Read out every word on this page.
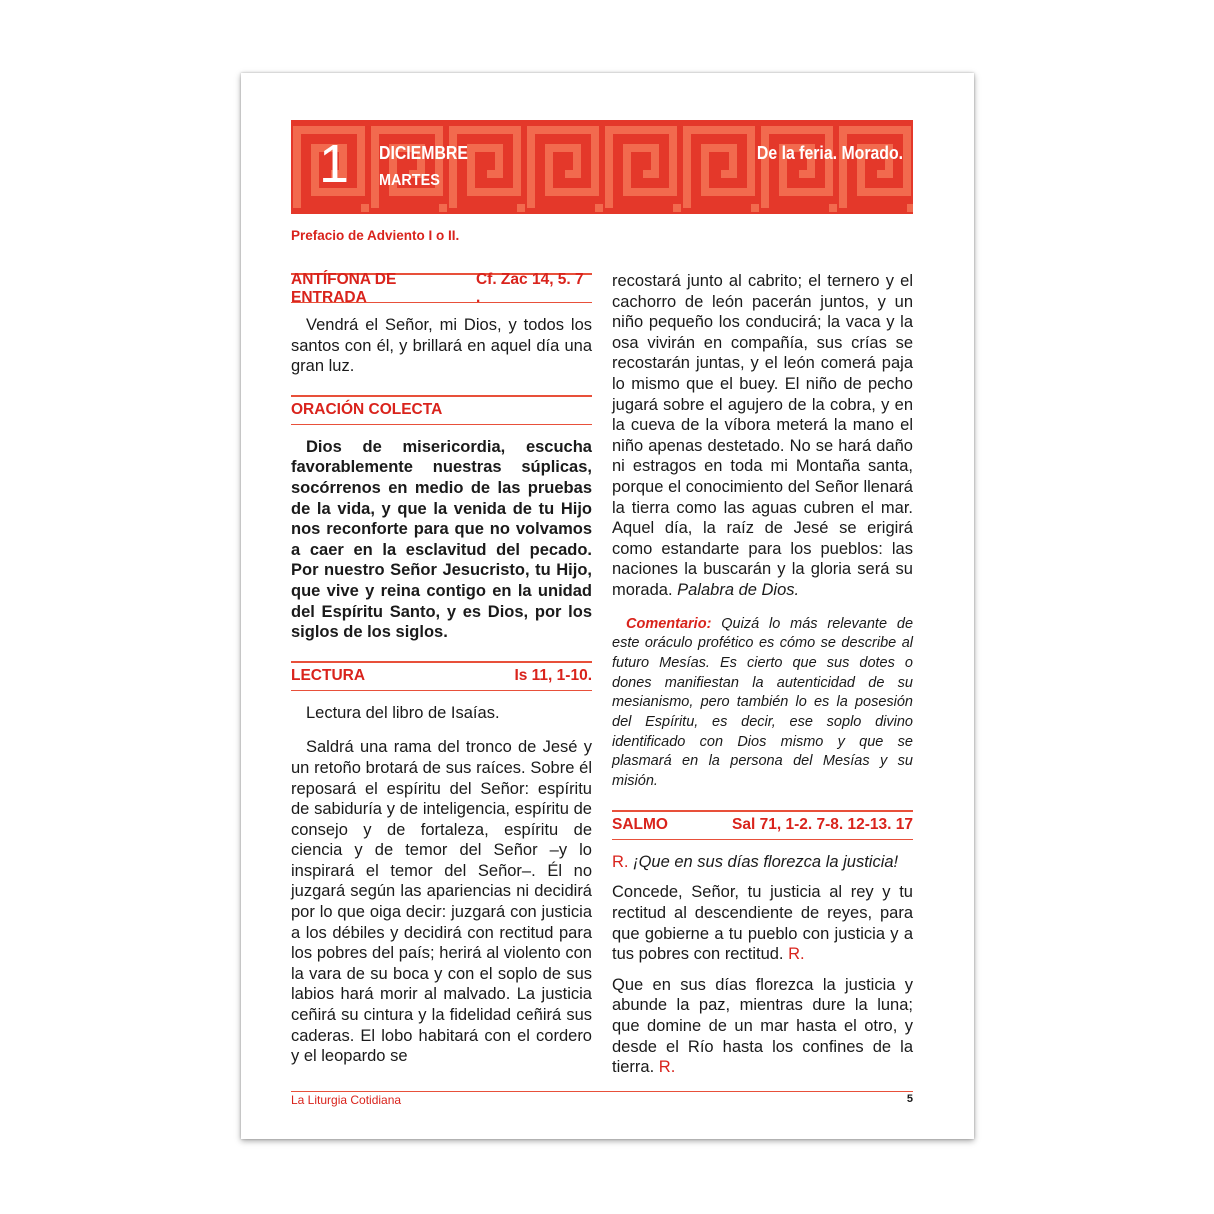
1 DICIEMBRE
MARTES
De la feria. Morado.
Prefacio de Adviento I o II.
ANTÍFONA DE ENTRADA
Cf. Zac 14, 5. 7 .

Vendrá el Señor, mi Dios, y todos los santos con él, y brillará en aquel día una gran luz.

ORACIÓN COLECTA

Dios de misericordia, escucha favorablemente nuestras súplicas, socórrenos en medio de las pruebas de la vida, y que la venida de tu Hijo nos reconforte para que no volvamos a caer en la esclavitud del pecado. Por nuestro Señor Jesucristo, tu Hijo, que vive y reina contigo en la unidad del Espíritu Santo, y es Dios, por los siglos de los siglos.

LECTURA	Is 11, 1-10.

Lectura del libro de Isaías.

Saldrá una rama del tronco de Jesé y un retoño brotará de sus raíces. Sobre él reposará el espíritu del Señor: espíritu de sabiduría y de inteligencia, espíritu de consejo y de fortaleza, espíritu de ciencia y de temor del Señor –y lo inspirará el temor del Señor–. Él no juzgará según las apariencias ni decidirá por lo que oiga decir: juzgará con justicia a los débiles y decidirá con rectitud para los pobres del país; herirá al violento con la vara de su boca y con el soplo de sus labios hará morir al malvado. La justicia ceñirá su cintura y la fidelidad ceñirá sus caderas. El lobo habitará con el cordero y el leopardo se

recostará junto al cabrito; el ternero y el cachorro de león pacerán juntos, y un niño pequeño los conducirá; la vaca y la osa vivirán en compañía, sus crías se recostarán juntas, y el león comerá paja lo mismo que el buey. El niño de pecho jugará sobre el agujero de la cobra, y en la cueva de la víbora meterá la mano el niño apenas destetado. No se hará daño ni estragos en toda mi Montaña santa, porque el conocimiento del Señor llenará la tierra como las aguas cubren el mar. Aquel día, la raíz de Jesé se erigirá como estandarte para los pueblos: las naciones la buscarán y la gloria será su morada. Palabra de Dios.

Comentario: Quizá lo más relevante de este oráculo profético es cómo se describe al futuro Mesías. Es cierto que sus dotes o dones manifiestan la autenticidad de su mesianismo, pero también lo es la posesión del Espíritu, es decir, ese soplo divino identificado con Dios mismo y que se plasmará en la persona del Mesías y su misión.

SALMO	Sal 71, 1-2. 7-8. 12-13. 17

R. ¡Que en sus días florezca la justicia!

Concede, Señor, tu justicia al rey y tu rectitud al descendiente de reyes, para que gobierne a tu pueblo con justicia y a tus pobres con rectitud. R.

Que en sus días florezca la justicia y abunde la paz, mientras dure la luna; que domine de un mar hasta el otro, y desde el Río hasta los confines de la tierra. R.

La Liturgia Cotidiana	5
